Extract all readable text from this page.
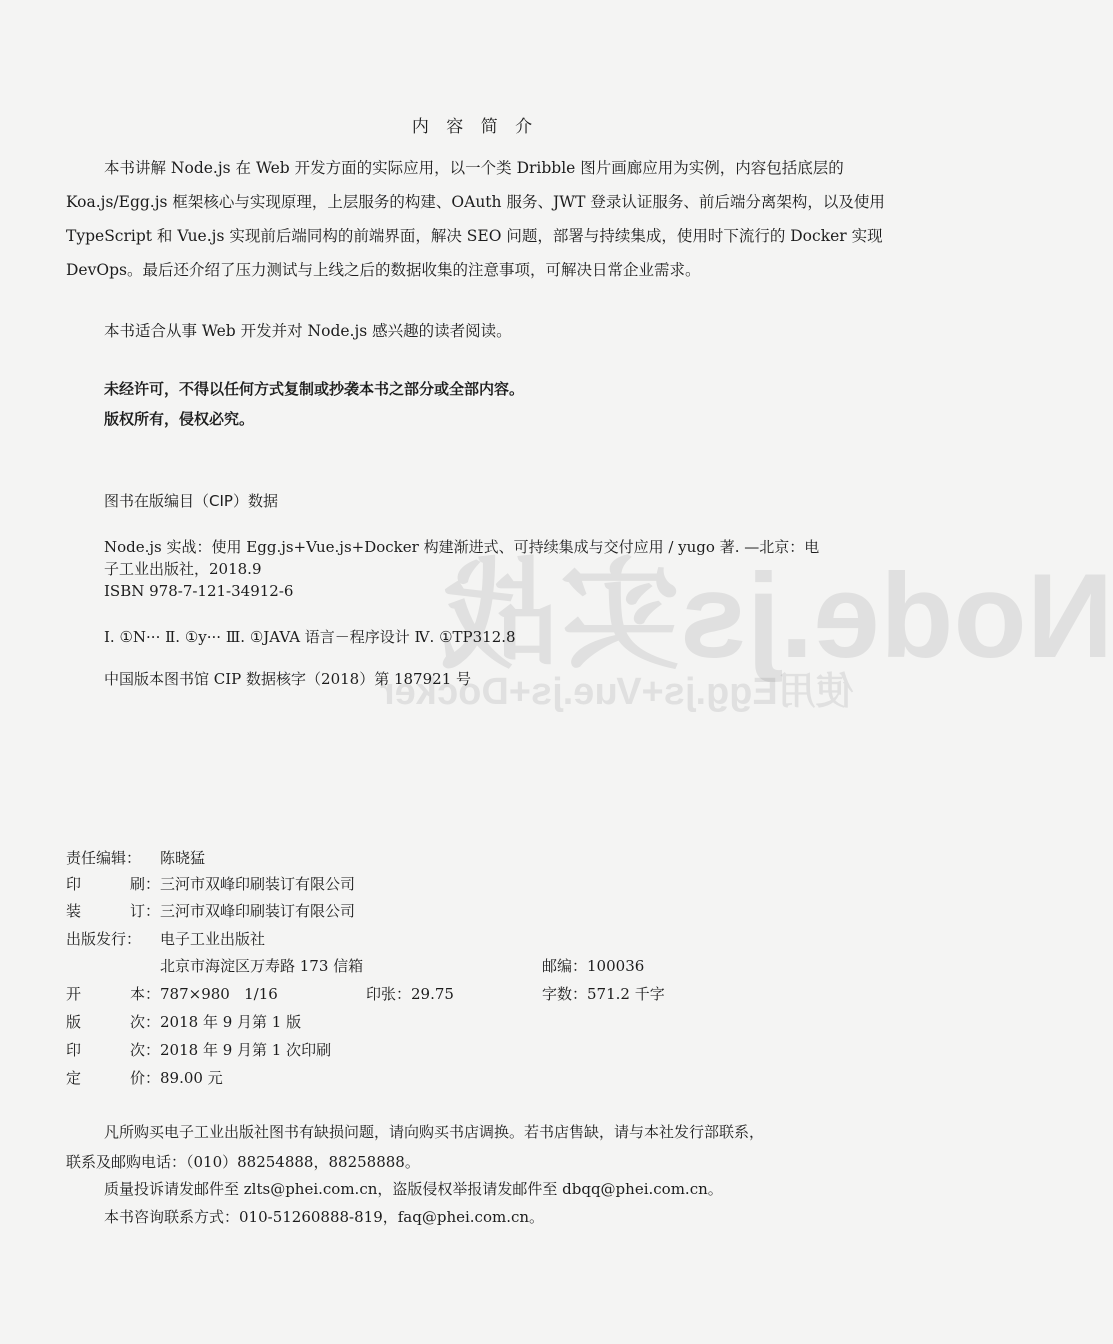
Node.js实战
使用Egg.js+Vue.js+Docker
内 容 简 介

本书讲解 Node.js 在 Web 开发方面的实际应用，以一个类 Dribble 图片画廊应用为实例，内容包括底层的 Koa.js/Egg.js 框架核心与实现原理，上层服务的构建、OAuth 服务、JWT 登录认证服务、前后端分离架构，以及使用 TypeScript 和 Vue.js 实现前后端同构的前端界面，解决 SEO 问题，部署与持续集成，使用时下流行的 Docker 实现 DevOps。最后还介绍了压力测试与上线之后的数据收集的注意事项，可解决日常企业需求。

本书适合从事 Web 开发并对 Node.js 感兴趣的读者阅读。

未经许可，不得以任何方式复制或抄袭本书之部分或全部内容。
版权所有，侵权必究。
图书在版编目（CIP）数据
Node.js 实战：使用 Egg.js+Vue.js+Docker 构建渐进式、可持续集成与交付应用 / yugo 著. —北京：电
子工业出版社，2018.9
ISBN 978-7-121-34912-6
Ⅰ. ①N··· Ⅱ. ①y··· Ⅲ. ①JAVA 语言－程序设计 Ⅳ. ①TP312.8
中国版本图书馆 CIP 数据核字（2018）第 187921 号
责任编辑： 陈晓猛
印	刷： 三河市双峰印刷装订有限公司
装	订： 三河市双峰印刷装订有限公司
出版发行： 电子工业出版社
北京市海淀区万寿路 173 信箱	邮编：100036
开	本： 787×980   1/16	印张：29.75	字数：571.2 千字
版	次： 2018 年 9 月第 1 版
印	次： 2018 年 9 月第 1 次印刷
定	价： 89.00 元
凡所购买电子工业出版社图书有缺损问题，请向购买书店调换。若书店售缺，请与本社发行部联系，
联系及邮购电话：（010）88254888，88258888。
质量投诉请发邮件至 zlts@phei.com.cn，盗版侵权举报请发邮件至 dbqq@phei.com.cn。
本书咨询联系方式：010-51260888-819，faq@phei.com.cn。
